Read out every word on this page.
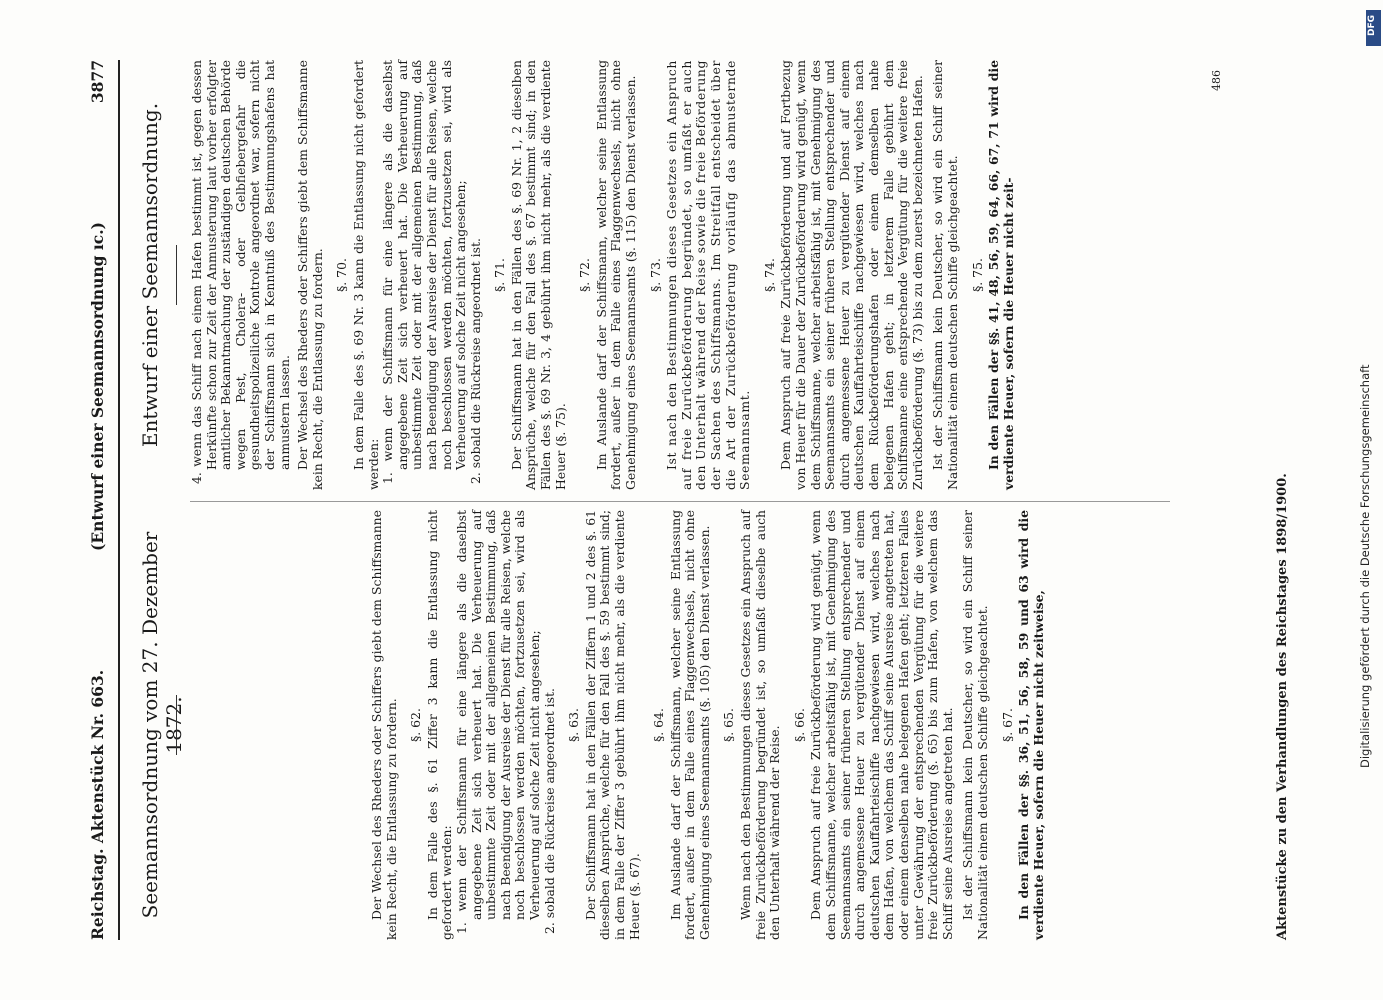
Reichstag. Aktenstück Nr. 663.
(Entwurf einer Seemannsordnung ıc.)
3877
Seemannsordnung vom 27. Dezember 1872.
Entwurf einer Seemannsordnung.

Der Wechsel des Rheders oder Schiffers giebt dem Schiffsmanne kein Recht, die Entlassung zu fordern. §. 62. In dem Falle des §. 61 Ziffer 3 kann die Entlassung nicht gefordert werden: 1. wenn der Schiffsmann für eine längere als die daselbst angegebene Zeit sich verheuert hat. Die Verheuerung auf unbestimmte Zeit oder mit der allgemeinen Bestimmung, daß nach Beendigung der Ausreise der Dienst für alle Reisen, welche noch beschlossen werden möchten, fortzusetzen sei, wird als Verheuerung auf solche Zeit nicht angesehen; 2. sobald die Rückreise angeordnet ist. §. 63. Der Schiffsmann hat in den Fällen der Ziffern 1 und 2 des §. 61 dieselben Ansprüche, welche für den Fall des §. 59 bestimmt sind; in dem Falle der Ziffer 3 gebührt ihm nicht mehr, als die verdiente Heuer (§. 67).

§. 64. Im Auslande darf der Schiffsmann, welcher seine Entlassung fordert, außer in dem Falle eines Flaggenwechsels, nicht ohne Genehmigung eines Seemannsamts (§. 105) den Dienst verlassen. §. 65. Wenn nach den Bestimmungen dieses Gesetzes ein Anspruch auf freie Zurückbeförderung begründet ist, so umfaßt dieselbe auch den Unterhalt während der Reise.

§. 66. Dem Anspruch auf freie Zurückbeförderung wird genügt, wenn dem Schiffsmanne, welcher arbeitsfähig ist, mit Genehmigung des Seemannsamts ein seiner früheren Stellung entsprechender und durch angemessene Heuer zu vergütender Dienst auf einem deutschen Kauffahrteischiffe nachgewiesen wird, welches nach dem Hafen, von welchem das Schiff seine Ausreise angetreten hat, oder einem denselben nahe belegenen Hafen geht; letzteren Falles unter Gewährung der entsprechenden Vergütung für die weitere freie Zurückbeförderung (§. 65) bis zum Hafen, von welchem das Schiff seine Ausreise angetreten hat. Ist der Schiffsmann kein Deutscher, so wird ein Schiff seiner Nationalität einem deutschen Schiffe gleichgeachtet. §. 67. In den Fällen der §§. 36, 51, 56, 58, 59 und 63 wird die verdiente Heuer, sofern die Heuer nicht zeitweise,

4. wenn das Schiff nach einem Hafen bestimmt ist, gegen dessen Herkünfte schon zur Zeit der Anmusterung laut vorher erfolgter amtlicher Bekanntmachung der zuständigen deutschen Behörde wegen Pest, Cholera- oder Gelbfiebergefahr die gesundheitspolizeiliche Kontrole angeordnet war, sofern nicht der Schiffsmann sich in Kenntniß des Bestimmungshafens hat anmustern lassen. Der Wechsel des Rheders oder Schiffers giebt dem Schiffsmanne kein Recht, die Entlassung zu fordern. §. 70. In dem Falle des §. 69 Nr. 3 kann die Entlassung nicht gefordert werden: 1. wenn der Schiffsmann für eine längere als die daselbst angegebene Zeit sich verheuert hat. Die Verheuerung auf unbestimmte Zeit oder mit der allgemeinen Bestimmung, daß nach Beendigung der Ausreise der Dienst für alle Reisen, welche noch beschlossen werden möchten, fortzusetzen sei, wird als Verheuerung auf solche Zeit nicht angesehen; 2. sobald die Rückreise angeordnet ist. §. 71. Der Schiffsmann hat in den Fällen des §. 69 Nr. 1, 2 dieselben Ansprüche, welche für den Fall des §. 67 bestimmt sind; in den Fällen des §. 69 Nr. 3, 4 gebührt ihm nicht mehr, als die verdiente Heuer (§. 75).

§. 72. Im Auslande darf der Schiffsmann, welcher seine Entlassung fordert, außer in dem Falle eines Flaggenwechsels, nicht ohne Genehmigung eines Seemannsamts (§. 115) den Dienst verlassen. §. 73. Ist nach den Bestimmungen dieses Gesetzes ein Anspruch auf freie Zurückbeförderung begründet, so umfaßt er auch den Unterhalt während der Reise sowie die freie Beförderung der Sachen des Schiffsmanns. Im Streitfall entscheidet über die Art der Zurückbeförderung vorläufig das abmusternde Seemannsamt.

§. 74. Dem Anspruch auf freie Zurückbeförderung und auf Fortbezug von Heuer für die Dauer der Zurückbeförderung wird genügt, wenn dem Schiffsmanne, welcher arbeitsfähig ist, mit Genehmigung des Seemannsamts ein seiner früheren Stellung entsprechender und durch angemessene Heuer zu vergütender Dienst auf einem deutschen Kauffahrteischiffe nachgewiesen wird, welches nach dem Rückbeförderungshafen oder einem demselben nahe belegenen Hafen geht; in letzterem Falle gebührt dem Schiffsmanne eine entsprechende Vergütung für die weitere freie Zurückbeförderung (§. 73) bis zu dem zuerst bezeichneten Hafen. Ist der Schiffsmann kein Deutscher, so wird ein Schiff seiner Nationalität einem deutschen Schiffe gleichgeachtet. §. 75. In den Fällen der §§. 41, 48, 56, 59, 64, 66, 67, 71 wird die verdiente Heuer, sofern die Heuer nicht zeit-

486
Aktenstücke zu den Verhandlungen des Reichstages 1898/1900.	Digitalisierung gefördert durch die Deutsche Forschungsgemeinschaft
DFG
